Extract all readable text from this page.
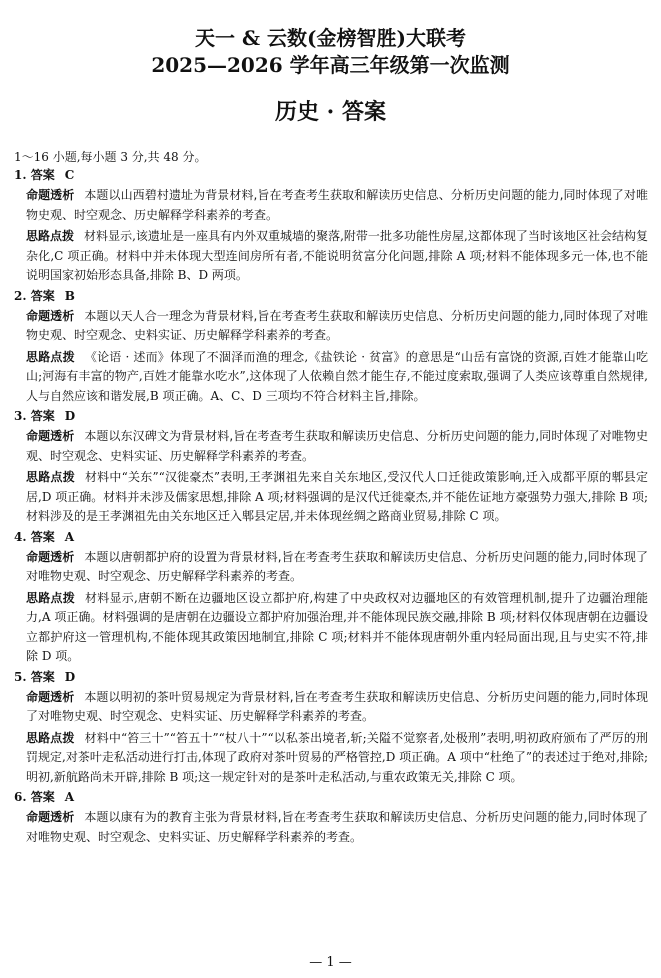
天一 & 云数(金榜智胜)大联考
2025—2026 学年高三年级第一次监测
历史 · 答案

1～16 小题,每小题 3 分,共 48 分。

1. 答案 C

命题透析 本题以山西碧村遗址为背景材料,旨在考查考生获取和解读历史信息、分析历史问题的能力,同时体现了对唯物史观、时空观念、历史解释学科素养的考查。

思路点拨 材料显示,该遗址是一座具有内外双重城墙的聚落,附带一批多功能性房屋,这都体现了当时该地区社会结构复杂化,C 项正确。材料中并未体现大型连间房所有者,不能说明贫富分化问题,排除 A 项;材料不能体现多元一体,也不能说明国家初始形态具备,排除 B、D 两项。

2. 答案 B

命题透析 本题以天人合一理念为背景材料,旨在考查考生获取和解读历史信息、分析历史问题的能力,同时体现了对唯物史观、时空观念、史料实证、历史解释学科素养的考查。

思路点拨 《论语 · 述而》体现了不涸泽而渔的理念,《盐铁论 · 贫富》的意思是“山岳有富饶的资源,百姓才能靠山吃山;河海有丰富的物产,百姓才能靠水吃水”,这体现了人依赖自然才能生存,不能过度索取,强调了人类应该尊重自然规律,人与自然应该和谐发展,B 项正确。A、C、D 三项均不符合材料主旨,排除。

3. 答案 D

命题透析 本题以东汉碑文为背景材料,旨在考查考生获取和解读历史信息、分析历史问题的能力,同时体现了对唯物史观、时空观念、史料实证、历史解释学科素养的考查。

思路点拨 材料中“关东”“汉徙豪杰”表明,王孝渊祖先来自关东地区,受汉代人口迁徙政策影响,迁入成都平原的郫县定居,D 项正确。材料并未涉及儒家思想,排除 A 项;材料强调的是汉代迁徙豪杰,并不能佐证地方豪强势力强大,排除 B 项;材料涉及的是王孝渊祖先由关东地区迁入郫县定居,并未体现丝绸之路商业贸易,排除 C 项。

4. 答案 A

命题透析 本题以唐朝都护府的设置为背景材料,旨在考查考生获取和解读历史信息、分析历史问题的能力,同时体现了对唯物史观、时空观念、历史解释学科素养的考查。

思路点拨 材料显示,唐朝不断在边疆地区设立都护府,构建了中央政权对边疆地区的有效管理机制,提升了边疆治理能力,A 项正确。材料强调的是唐朝在边疆设立都护府加强治理,并不能体现民族交融,排除 B 项;材料仅体现唐朝在边疆设立都护府这一管理机构,不能体现其政策因地制宜,排除 C 项;材料并不能体现唐朝外重内轻局面出现,且与史实不符,排除 D 项。

5. 答案 D

命题透析 本题以明初的茶叶贸易规定为背景材料,旨在考查考生获取和解读历史信息、分析历史问题的能力,同时体现了对唯物史观、时空观念、史料实证、历史解释学科素养的考查。

思路点拨 材料中“笞三十”“笞五十”“杖八十”“以私茶出境者,斩;关隘不觉察者,处极刑”表明,明初政府颁布了严厉的刑罚规定,对茶叶走私活动进行打击,体现了政府对茶叶贸易的严格管控,D 项正确。A 项中“杜绝了”的表述过于绝对,排除;明初,新航路尚未开辟,排除 B 项;这一规定针对的是茶叶走私活动,与重农政策无关,排除 C 项。

6. 答案 A

命题透析 本题以康有为的教育主张为背景材料,旨在考查考生获取和解读历史信息、分析历史问题的能力,同时体现了对唯物史观、时空观念、史料实证、历史解释学科素养的考查。

— 1 —
